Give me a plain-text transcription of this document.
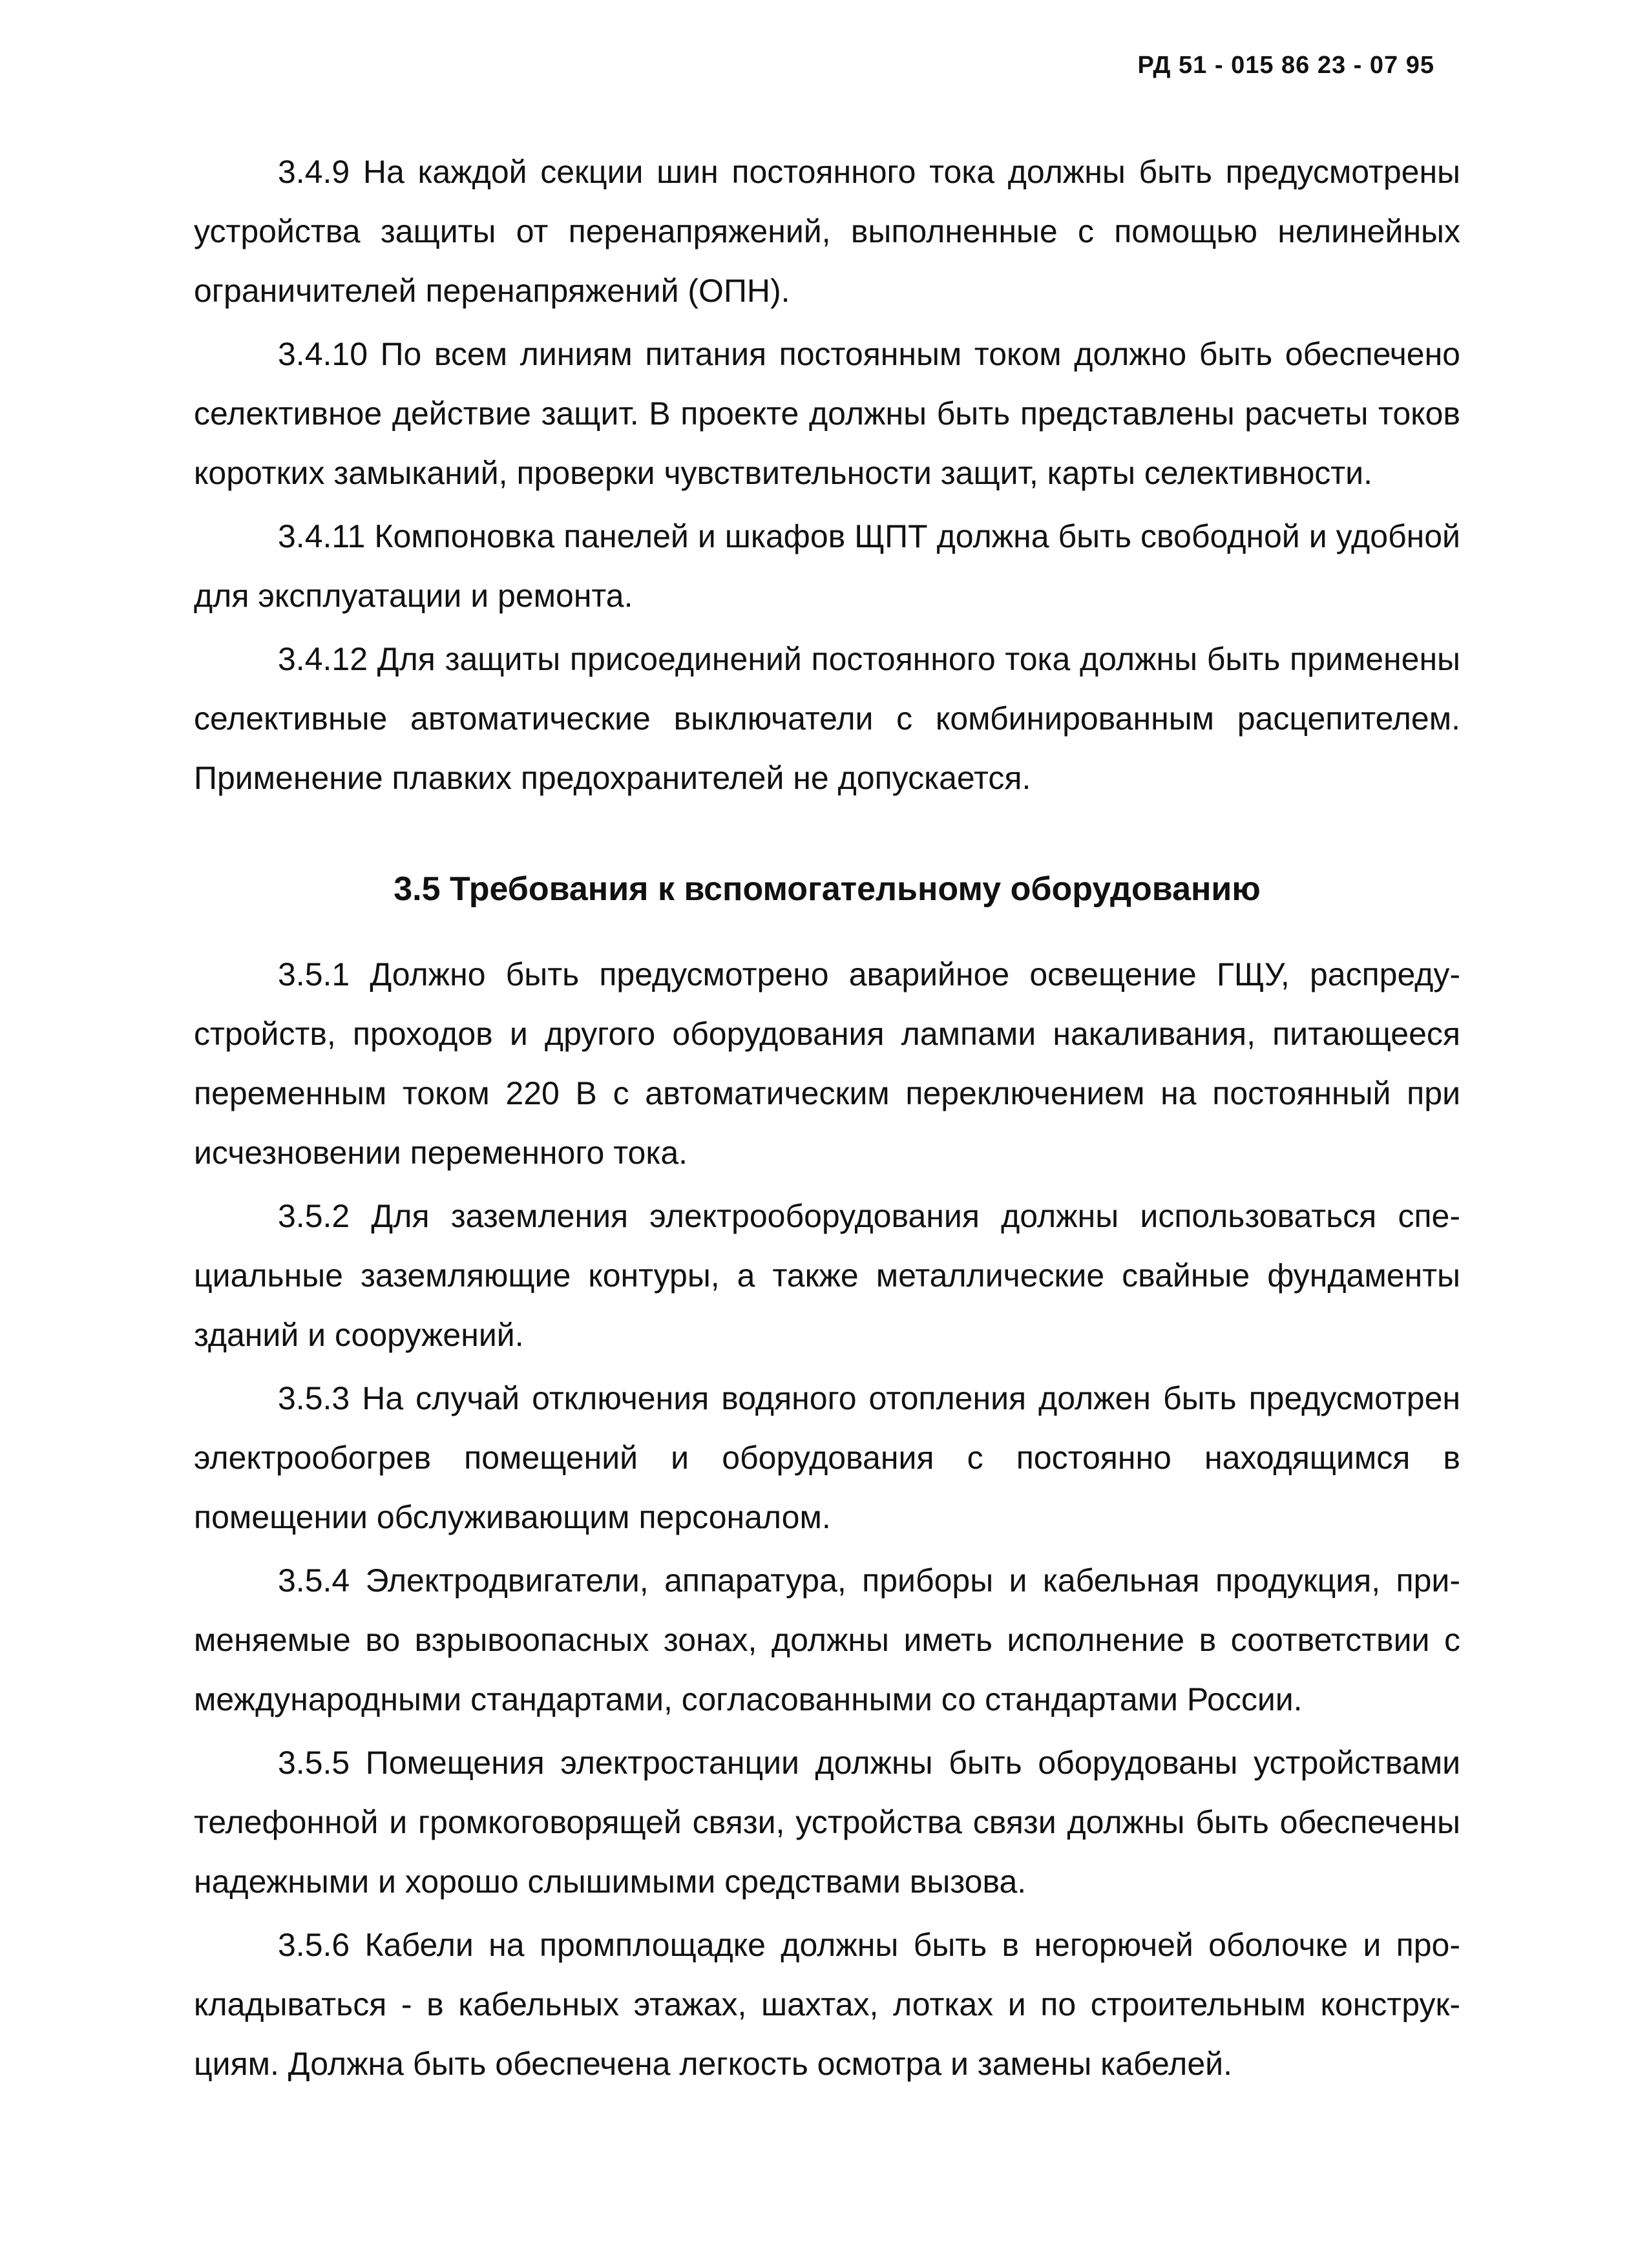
РД 51 - 015 86 23 - 07 95

3.4.9 На каждой секции шин постоянного тока должны быть предусмотрены устройства защиты от перенапряжений, выполненные с помощью нелинейных ограничителей перенапряжений (ОПН).

3.4.10 По всем линиям питания постоянным током должно быть обеспечено селективное действие защит. В проекте должны быть представлены расчеты токов коротких замыканий, проверки чувствительности защит, карты селективности.

3.4.11 Компоновка панелей и шкафов ЩПТ должна быть свободной и удобной для эксплуатации и ремонта.

3.4.12 Для защиты присоединений постоянного тока должны быть применены селективные автоматические выключатели с комбинированным расцепителем. Применение плавких предохранителей не допускается.

3.5 Требования к вспомогательному оборудованию

3.5.1 Должно быть предусмотрено аварийное освещение ГЩУ, распредустройств, проходов и другого оборудования лампами накаливания, питающееся переменным током 220 В с автоматическим переключением на постоянный при исчезновении переменного тока.

3.5.2 Для заземления электрооборудования должны использоваться специальные заземляющие контуры, а также металлические свайные фундаменты зданий и сооружений.

3.5.3 На случай отключения водяного отопления должен быть предусмотрен электрообогрев помещений и оборудования с постоянно находящимся в помещении обслуживающим персоналом.

3.5.4 Электродвигатели, аппаратура, приборы и кабельная продукция, применяемые во взрывоопасных зонах, должны иметь исполнение в соответствии с международными стандартами, согласованными со стандартами России.

3.5.5 Помещения электростанции должны быть оборудованы устройствами телефонной и громкоговорящей связи, устройства связи должны быть обеспечены надежными и хорошо слышимыми средствами вызова.

3.5.6 Кабели на промплощадке должны быть в негорючей оболочке и прокладываться - в кабельных этажах, шахтах, лотках и по строительным конструкциям. Должна быть обеспечена легкость осмотра и замены кабелей.
